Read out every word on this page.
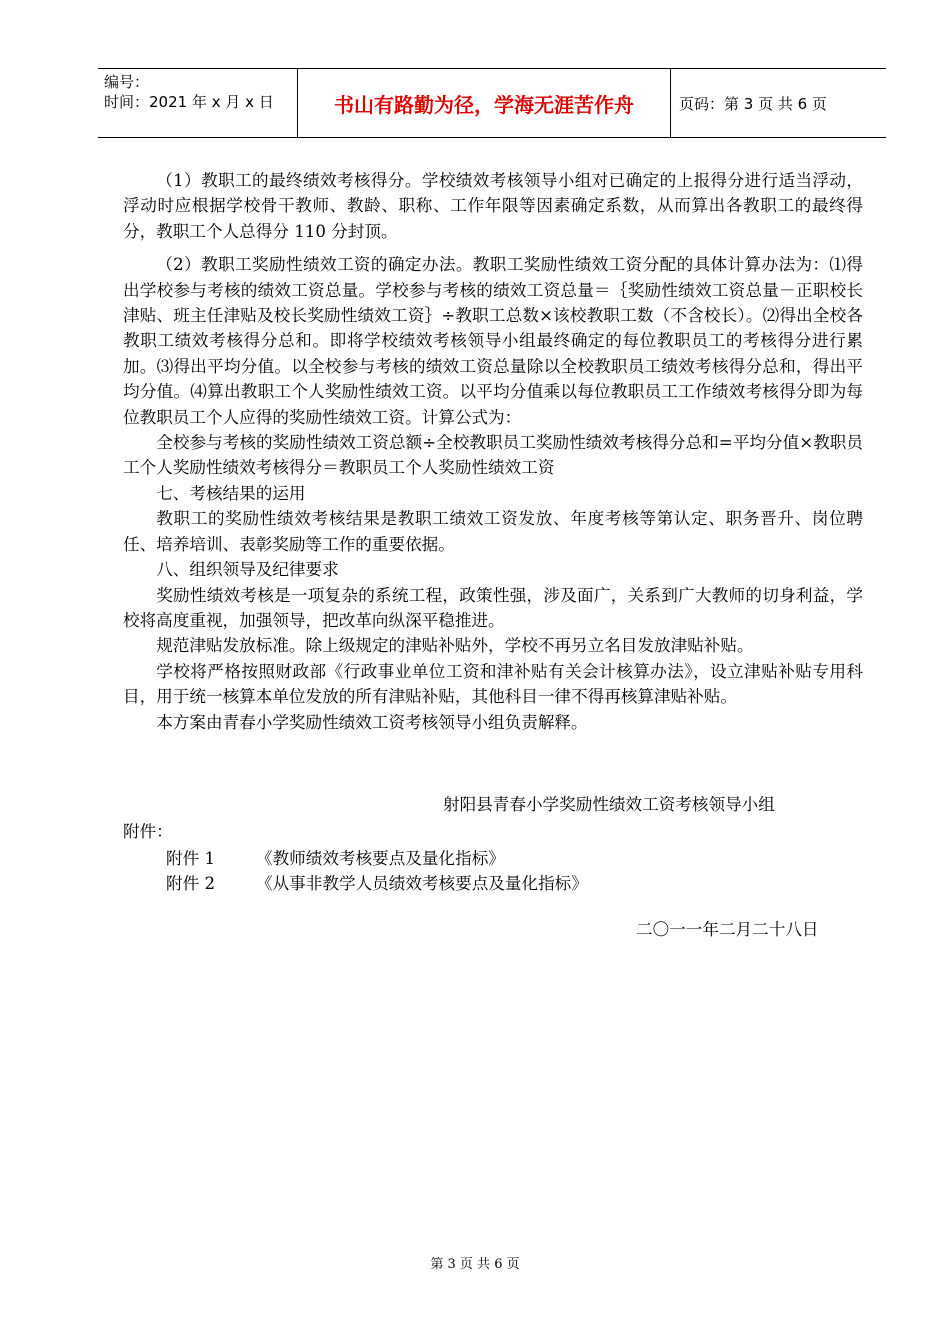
编号：
时间：2021 年 x 月 x 日	书山有路勤为径，学海无涯苦作舟	页码：第 3 页 共 6 页

（1）教职工的最终绩效考核得分。学校绩效考核领导小组对已确定的上报得分进行适当浮动，浮动时应根据学校骨干教师、教龄、职称、工作年限等因素确定系数，从而算出各教职工的最终得分，教职工个人总得分 110 分封顶。

（2）教职工奖励性绩效工资的确定办法。教职工奖励性绩效工资分配的具体计算办法为：⑴得出学校参与考核的绩效工资总量。学校参与考核的绩效工资总量＝｛奖励性绩效工资总量－正职校长津贴、班主任津贴及校长奖励性绩效工资｝÷教职工总数×该校教职工数（不含校长）。⑵得出全校各教职工绩效考核得分总和。即将学校绩效考核领导小组最终确定的每位教职员工的考核得分进行累加。⑶得出平均分值。以全校参与考核的绩效工资总量除以全校教职员工绩效考核得分总和，得出平均分值。⑷算出教职工个人奖励性绩效工资。以平均分值乘以每位教职员工工作绩效考核得分即为每位教职员工个人应得的奖励性绩效工资。计算公式为：

全校参与考核的奖励性绩效工资总额÷全校教职员工奖励性绩效考核得分总和=平均分值×教职员工个人奖励性绩效考核得分＝教职员工个人奖励性绩效工资

七、考核结果的运用

教职工的奖励性绩效考核结果是教职工绩效工资发放、年度考核等第认定、职务晋升、岗位聘任、培养培训、表彰奖励等工作的重要依据。

八、组织领导及纪律要求

奖励性绩效考核是一项复杂的系统工程，政策性强，涉及面广，关系到广大教师的切身利益，学校将高度重视，加强领导，把改革向纵深平稳推进。

规范津贴发放标准。除上级规定的津贴补贴外，学校不再另立名目发放津贴补贴。

学校将严格按照财政部《行政事业单位工资和津补贴有关会计核算办法》，设立津贴补贴专用科目，用于统一核算本单位发放的所有津贴补贴，其他科目一律不得再核算津贴补贴。

本方案由青春小学奖励性绩效工资考核领导小组负责解释。

射阳县青春小学奖励性绩效工资考核领导小组
附件：
附件 1 《教师绩效考核要点及量化指标》
附件 2 《从事非教学人员绩效考核要点及量化指标》
二〇一一年二月二十八日
第 3 页 共 6 页
